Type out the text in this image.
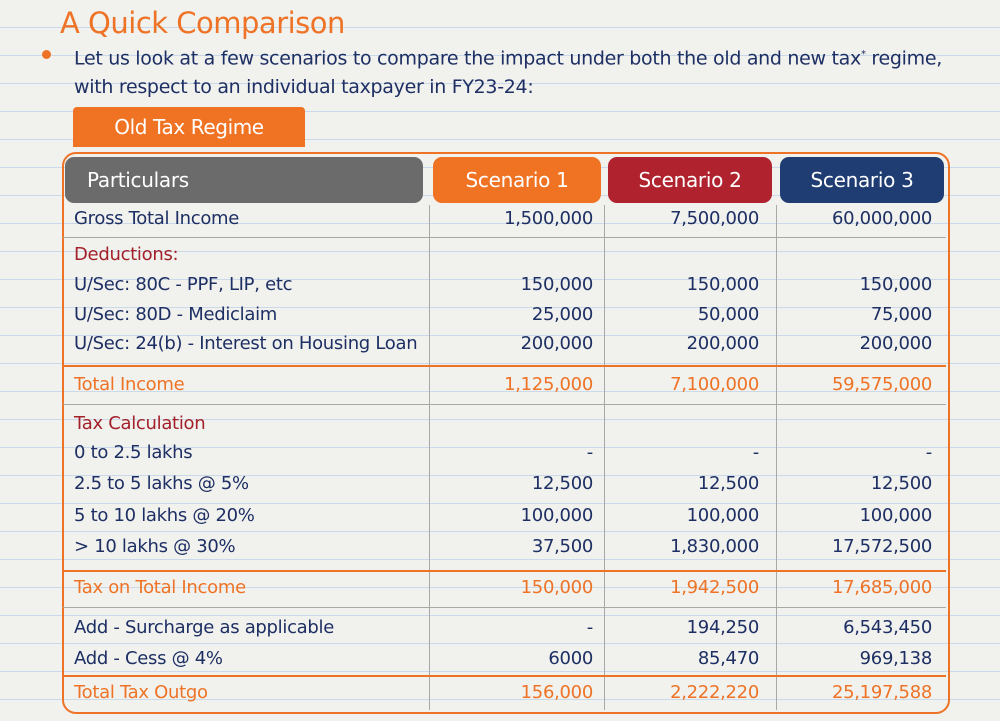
A Quick Comparison
Let us look at a few scenarios to compare the impact under both the old and new tax* regime, with respect to an individual taxpayer in FY23-24:
Old Tax Regime
Particulars	Scenario 1	Scenario 2	Scenario 3
Gross Total Income	1,500,000	7,500,000	60,000,000
Deductions:
U/Sec: 80C - PPF, LIP, etc	150,000	150,000	150,000
U/Sec: 80D - Mediclaim	25,000	50,000	75,000
U/Sec: 24(b) - Interest on Housing Loan	200,000	200,000	200,000
Total Income	1,125,000	7,100,000	59,575,000
Tax Calculation
0 to 2.5 lakhs	-	-	-
2.5 to 5 lakhs @ 5%	12,500	12,500	12,500
5 to 10 lakhs @ 20%	100,000	100,000	100,000
> 10 lakhs @ 30%	37,500	1,830,000	17,572,500
Tax on Total Income	150,000	1,942,500	17,685,000
Add - Surcharge as applicable	-	194,250	6,543,450
Add - Cess @ 4%	6000	85,470	969,138
Total Tax Outgo	156,000	2,222,220	25,197,588
